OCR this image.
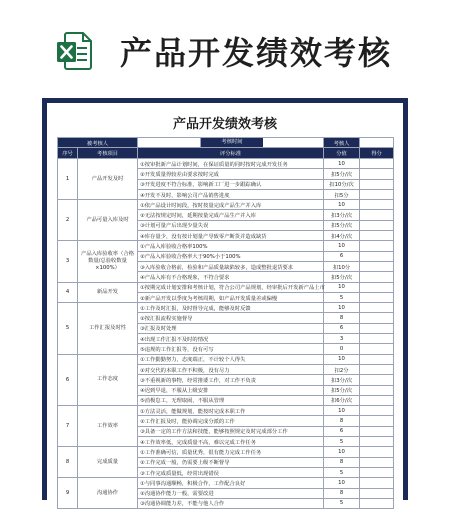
产品开发绩效考核
产品开发绩效考核
被考核人		考核时间	考核人	
序号	考核项目	评分标准	分值	得分
1	产品开发及时	①按审批新产品计划时间，在保证质量的同时按时完成开发任务	10	
		②开发质量得较差由要求按时完成	扣5分/次	
		③开发进度不符合标准，影响新工厂进一步跟踪确认	扣10分/次	
		④开发不及时，影响公司产品销售进度	扣5分	
2	产品可量入库及时	①依产品设计时间段，按时按量完成产品生产并入库	10	
		②无法按规定时间，延期按量完成产品生产并入库	扣3分/次	
		③计划可量产后出现少量失误	扣5分/次	
		④库存量少，没有按计划量产导致零产断货并造成缺货	扣4分/次	
3	产品入库验收率（合格数量/总验收数量×100%）	①产品入库验收合格率100%	10	
		②产品入库验收合格率大于90%小于100%	6	
		③入库验收合格前，检验和产品质量缺陷较多，造成整批退货要求	扣10分	
		④产品入库有不合格现象，不符合要求	扣5分/次	
4	新品开发	①按期完成计划安排和考核计划，符合公司产品规划，经审批后开发新产品上市	10	
		②新产品开发以季度为考核周期，如产品开发质量差或偏慢	5	
5	工作汇报及时性	①工作及时汇报，及时督导完成，能够及时反馈	10	
		②按汇报流程实施督导	8	
		③汇报及时处理	6	
		④出现工作汇报不及时的情况	3	
		⑤违规的工作汇报等，没有可写	0	
6	工作态度	①工作勤勤努力，态度端正，不计较个人得失	10	
		②对交代的本职工作不积极，没有尽力	扣2分	
		③不重视新的事物，经常推诿工作，对工作不负责	扣3分/次	
		④迟到早退，不服从上级安排	扣5分/次	
		⑤消极怠工，无理取闹，不服从管理	扣6分/次	
7	工作效率	①方法灵活，能做规划，能按时完成本职工作	10	
		②工作汇报及时，能协调完成分派的工作	8	
		③具备一定的工作方法和技能，能够按照规定及时完成部分工作	6	
		④工作效率低，完成质量不高，难以完成工作任务	5	
8	完成质量	①工作准确可信，质量优秀，很有能力完成工作任务	10	
		②工作完成一般，仍需要上级不断督导	8	
		③工作完成质量低，经常出现错误	5	
9	沟通协作	①与同事沟通顺畅，积极合作，工作配合良好	10	
		②沟通协作能力一般，需要改进	8	
		③沟通协调能力差，不能与他人合作	5	
